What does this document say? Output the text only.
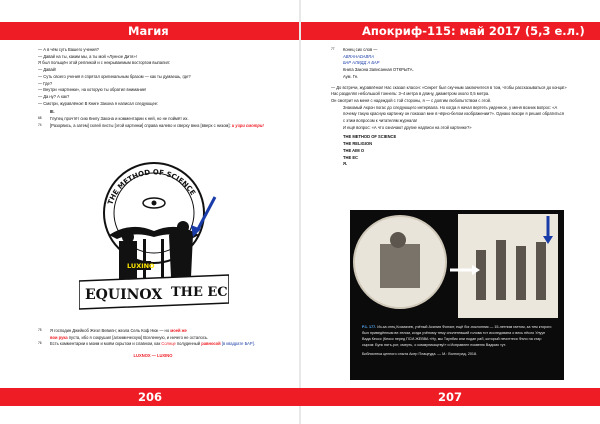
Магия	Апокриф-115: май 2017 (5,3 е.л.)
206	207

— А в чём суть Вашего учения?

— Давай на ты, каким мы, а ты мой «Лунное Дитя»!

Я был польщён этой репликой и с некрываемым восторгом выпалил:

— Давай!

— Суть своего учения я спрятал оригинальным бразом — как ты думаешь, где?

— Где?

— Внутри «картинки», на которую ты обратил внимание!

— Да ну? А как?

— Смотри, журавлёнок! В Книге Закона я написал следующее:

III.

68 Глупец прочтёт сию Книгу Закона и комментарии к ней, но не поймёт их.

74 [Разорвись, а затем] склей листы [этой картинки] справа налево и сверху вниз [вверх с низом]: и узри смотри!

THE METHOD OF SCIENCE
EQUINOX THE EC
LUXINO

75 Я господин Джейкоб Жеэл Вевилн; жезла Сель Коф Нюк — но моей же
вои рука пуста, ибо я сокрушил [алхимическую] Вселенную, и ничего не осталось.

76 Есть комментарии к моим и моём скрытом и славном, как Солнце полуденный равносой [в квадрате БАР].

LUXNOX — LUXINO

77 Конец сих слов —
ABRAHADABRA
БАР АЛИДД А БАР
Книга Закона Записанная ОТКРЫТА.
Аум. Гн.

— До встречи, журавлёнок! Нас сказал класон: «Секрет был скучным заключитеся в том, чтобы рассказываться до конца!»

Нас разделял небольшой тоннель: 3–4 метра в длину, диаметром около 0,5 метра.

Он смотрит на меня с надеждой с той стороны, я — с долгим любопытством с этой.

Знакомый Акрон погас до следующего интервала. Но когда я начал вертеть уиденное, у меня возник вопрос: «А почему такую красную картинку он показал мне в чёрно-белом изображении?». Однако вскоре я решил обратиться с этим вопросом к читателям журнала!

И ещё вопрос: «А что означают другие надписи на этой картинке?»

THE METHOD OF SCIENCE

THE RELIGION

THE AIM O

THE EC

Я.

Р.1. 177. Из-за отец Космачев, учёный Асилия Фонзит, ещё бог-поклонник — 15-летним гаетом, за тем кторого был приведённым ве-телом, когда учёному тему сполетевший голова тот исследована о весь нёсло Улуун Вада Кеосс (Кеосс перед ПСИ-ЖЕВВА «Ну, мы Таунбик или подан раб, который нечиттеся Фэло на стар сыром: Бунк пять-рот, смерть, о коммуникацтву!» и Исправлен поквеню Вадимо тут.

Библиотека ценного опыта Асер Плацеуда. — М.: Волгоград, 2018.
